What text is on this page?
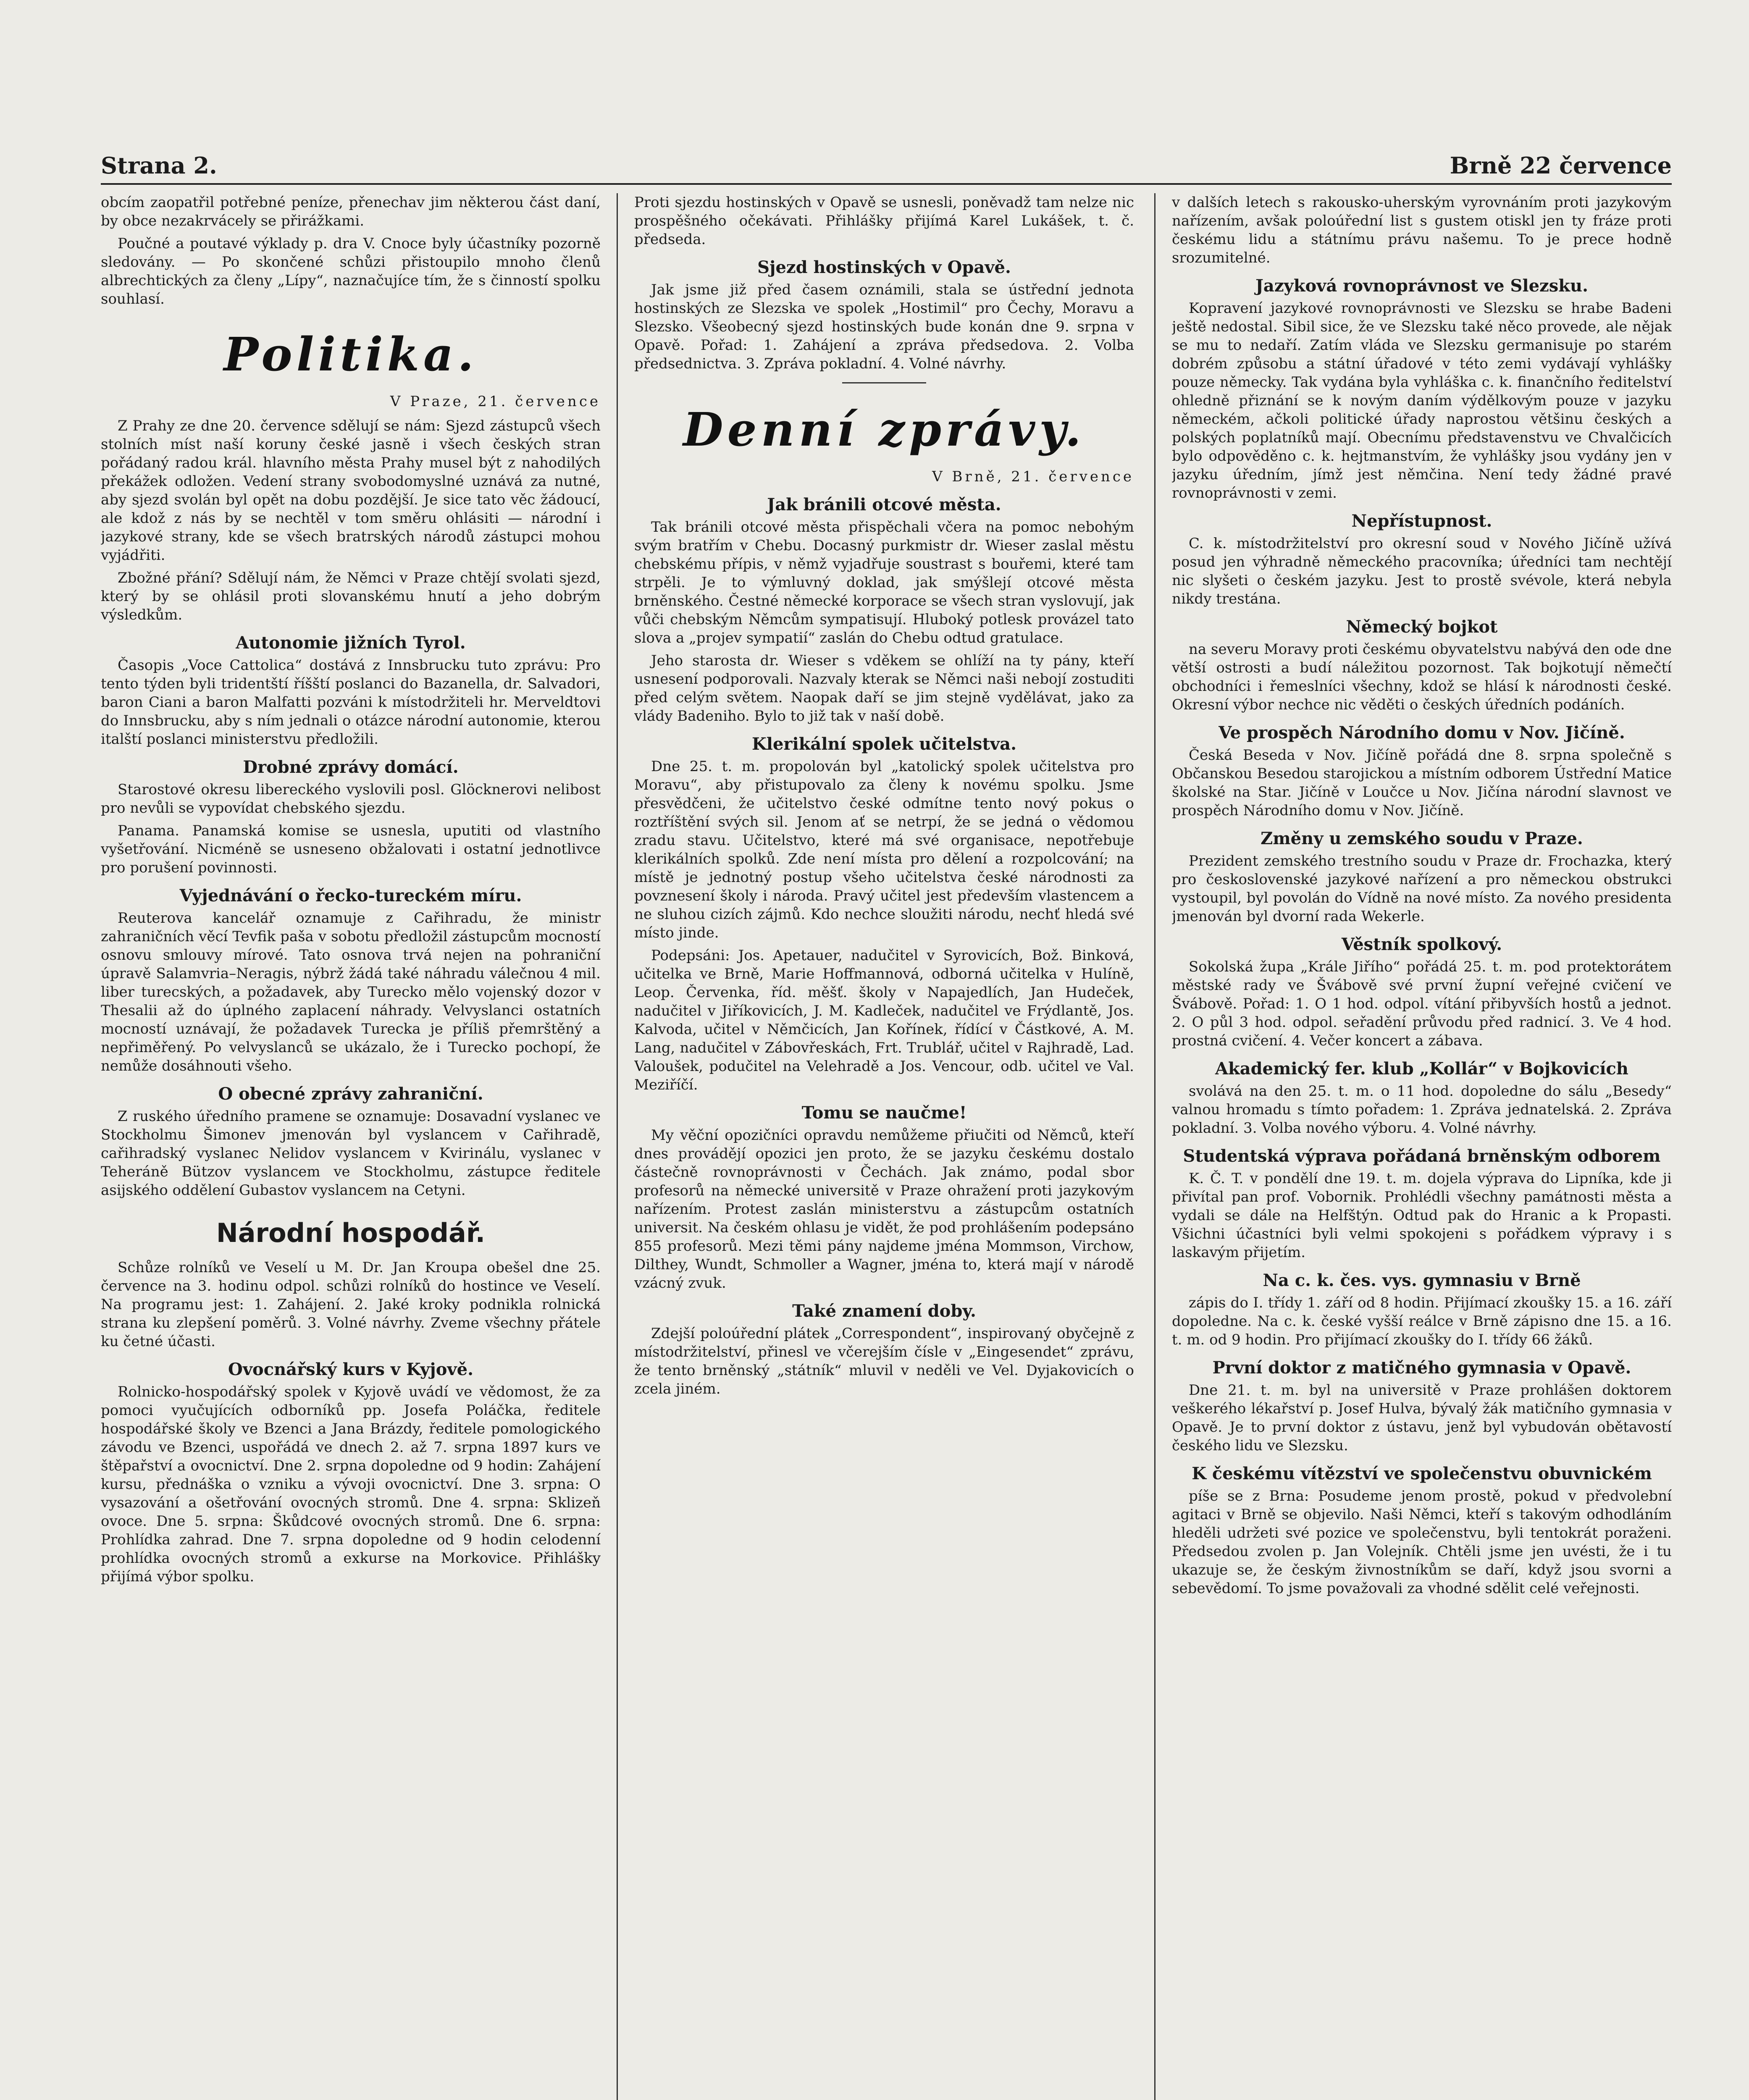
Strana 2.	Brně 22 července

obcím zaopatřil potřebné peníze, přenechav jim některou část daní, by obce nezakrvácely se přirážkami.

Poučné a poutavé výklady p. dra V. Cnoce byly účastníky pozorně sledovány. — Po skončené schůzi přistoupilo mnoho členů albrechtických za členy „Lípy“, naznačujíce tím, že s činností spolku souhlasí.

Politika.
V Praze, 21. července

Z Prahy ze dne 20. července sdělují se nám: Sjezd zástupců všech stolních míst naší koruny české jasně i všech českých stran pořádaný radou král. hlavního města Prahy musel být z nahodilých překážek odložen. Vedení strany svobodomyslné uznává za nutné, aby sjezd svolán byl opět na dobu pozdější. Je sice tato věc žádoucí, ale kdož z nás by se nechtěl v tom směru ohlásiti — národní i jazykové strany, kde se všech bratrských národů zástupci mohou vyjádřiti.

Zbožné přání? Sdělují nám, že Němci v Praze chtějí svolati sjezd, který by se ohlásil proti slovanskému hnutí a jeho dobrým výsledkům.

Autonomie jižních Tyrol.

Časopis „Voce Cattolica“ dostává z Innsbrucku tuto zprávu: Pro tento týden byli tridentští říšští poslanci do Bazanella, dr. Salvadori, baron Ciani a baron Malfatti pozváni k místodržiteli hr. Merveldtovi do Innsbrucku, aby s ním jednali o otázce národní autonomie, kterou italští poslanci ministerstvu předložili.

Drobné zprávy domácí.

Starostové okresu libereckého vyslovili posl. Glöcknerovi nelibost pro nevůli se vypovídat chebského sjezdu.

Panama. Panamská komise se usnesla, uputiti od vlastního vyšetřování. Nicméně se usneseno obžalovati i ostatní jednotlivce pro porušení povinnosti.

Vyjednávání o řecko-tureckém míru.

Reuterova kancelář oznamuje z Cařihradu, že ministr zahraničních věcí Tevfik paša v sobotu předložil zástupcům mocností osnovu smlouvy mírové. Tato osnova trvá nejen na pohraniční úpravě Salamvria–Neragis, nýbrž žádá také náhradu válečnou 4 mil. liber turecských, a požadavek, aby Turecko mělo vojenský dozor v Thesalii až do úplného zaplacení náhrady. Velvyslanci ostatních mocností uznávají, že požadavek Turecka je příliš přemrštěný a nepřiměřený. Po velvyslanců se ukázalo, že i Turecko pochopí, že nemůže dosáhnouti všeho.

O obecné zprávy zahraniční.

Z ruského úředního pramene se oznamuje: Dosavadní vyslanec ve Stockholmu Šimonev jmenován byl vyslancem v Cařihradě, cařihradský vyslanec Nelidov vyslancem v Kvirinálu, vyslanec v Teheráně Bützov vyslancem ve Stockholmu, zástupce ředitele asijského oddělení Gubastov vyslancem na Cetyni.

Národní hospodář.

Schůze rolníků ve Veselí u M. Dr. Jan Kroupa obešel dne 25. července na 3. hodinu odpol. schůzi rolníků do hostince ve Veselí. Na programu jest: 1. Zahájení. 2. Jaké kroky podnikla rolnická strana ku zlepšení poměrů. 3. Volné návrhy. Zveme všechny přátele ku četné účasti.

Ovocnářský kurs v Kyjově.

Rolnicko-hospodářský spolek v Kyjově uvádí ve vědomost, že za pomoci vyučujících odborníků pp. Josefa Poláčka, ředitele hospodářské školy ve Bzenci a Jana Brázdy, ředitele pomologického závodu ve Bzenci, uspořádá ve dnech 2. až 7. srpna 1897 kurs ve štěpařství a ovocnictví. Dne 2. srpna dopoledne od 9 hodin: Zahájení kursu, přednáška o vzniku a vývoji ovocnictví. Dne 3. srpna: O vysazování a ošetřování ovocných stromů. Dne 4. srpna: Sklizeň ovoce. Dne 5. srpna: Škůdcové ovocných stromů. Dne 6. srpna: Prohlídka zahrad. Dne 7. srpna dopoledne od 9 hodin celodenní prohlídka ovocných stromů a exkurse na Morkovice. Přihlášky přijímá výbor spolku.

Proti sjezdu hostinských v Opavě se usnesli, poněvadž tam nelze nic prospěšného očekávati. Přihlášky přijímá Karel Lukášek, t. č. předseda.

Sjezd hostinských v Opavě.

Jak jsme již před časem oznámili, stala se ústřední jednota hostinských ze Slezska ve spolek „Hostimil“ pro Čechy, Moravu a Slezsko. Všeobecný sjezd hostinských bude konán dne 9. srpna v Opavě. Pořad: 1. Zahájení a zpráva předsedova. 2. Volba předsednictva. 3. Zpráva pokladní. 4. Volné návrhy.

Denní zprávy.
V Brně, 21. července
Jak bránili otcové města.

Tak bránili otcové města přispěchali včera na pomoc nebohým svým bratřím v Chebu. Docasný purkmistr dr. Wieser zaslal městu chebskému přípis, v němž vyjadřuje soustrast s bouřemi, které tam strpěli. Je to výmluvný doklad, jak smýšlejí otcové města brněnského. Čestné německé korporace se všech stran vyslovují, jak vůči chebským Němcům sympatisují. Hluboký potlesk provázel tato slova a „projev sympatií“ zaslán do Chebu odtud gratulace.

Jeho starosta dr. Wieser s vděkem se ohlíží na ty pány, kteří usnesení podporovali. Nazvaly kterak se Němci naši nebojí zostuditi před celým světem. Naopak daří se jim stejně vydělávat, jako za vlády Badeniho. Bylo to již tak v naší době.

Klerikální spolek učitelstva.

Dne 25. t. m. propolován byl „katolický spolek učitelstva pro Moravu“, aby přistupovalo za členy k novému spolku. Jsme přesvědčeni, že učitelstvo české odmítne tento nový pokus o roztříštění svých sil. Jenom ať se netrpí, že se jedná o vědomou zradu stavu. Učitelstvo, které má své organisace, nepotřebuje klerikálních spolků. Zde není místa pro dělení a rozpolcování; na místě je jednotný postup všeho učitelstva české národnosti za povznesení školy i národa. Pravý učitel jest především vlastencem a ne sluhou cizích zájmů. Kdo nechce sloužiti národu, nechť hledá své místo jinde.

Podepsáni: Jos. Apetauer, nadučitel v Syrovicích, Bož. Binková, učitelka ve Brně, Marie Hoffmannová, odborná učitelka v Hulíně, Leop. Červenka, říd. měšť. školy v Napajedlích, Jan Hudeček, nadučitel v Jiříkovicích, J. M. Kadleček, nadučitel ve Frýdlantě, Jos. Kalvoda, učitel v Němčicích, Jan Kořínek, řídící v Částkové, A. M. Lang, nadučitel v Zábovřeskách, Frt. Trublář, učitel v Rajhradě, Lad. Valoušek, podučitel na Velehradě a Jos. Vencour, odb. učitel ve Val. Meziříčí.

Tomu se naučme!

My věční opozičníci opravdu nemůžeme přiučiti od Němců, kteří dnes provádějí opozici jen proto, že se jazyku českému dostalo částečně rovnoprávnosti v Čechách. Jak známo, podal sbor profesorů na německé universitě v Praze ohražení proti jazykovým nařízením. Protest zaslán ministerstvu a zástupcům ostatních universit. Na českém ohlasu je vidět, že pod prohlášením podepsáno 855 profesorů. Mezi těmi pány najdeme jména Mommson, Virchow, Dilthey, Wundt, Schmoller a Wagner, jména to, která mají v národě vzácný zvuk.

Také znamení doby.

Zdejší poloúřední plátek „Correspondent“, inspirovaný obyčejně z místodržitelství, přinesl ve včerejším čísle v „Eingesendet“ zprávu, že tento brněnský „státník“ mluvil v neděli ve Vel. Dyjakovicích o zcela jiném.

v dalších letech s rakousko-uherským vyrovnáním proti jazykovým nařízením, avšak poloúřední list s gustem otiskl jen ty fráze proti českému lidu a státnímu právu našemu. To je prece hodně srozumitelné.

Jazyková rovnoprávnost ve Slezsku.

Kopravení jazykové rovnoprávnosti ve Slezsku se hrabe Badeni ještě nedostal. Sibil sice, že ve Slezsku také něco provede, ale nějak se mu to nedaří. Zatím vláda ve Slezsku germanisuje po starém dobrém způsobu a státní úřadové v této zemi vydávají vyhlášky pouze německy. Tak vydána byla vyhláška c. k. finančního ředitelství ohledně přiznání se k novým daním výdělkovým pouze v jazyku německém, ačkoli politické úřady naprostou většinu českých a polských poplatníků mají. Obecnímu představenstvu ve Chvalčicích bylo odpověděno c. k. hejtmanstvím, že vyhlášky jsou vydány jen v jazyku úředním, jímž jest němčina. Není tedy žádné pravé rovnoprávnosti v zemi.

Nepřístupnost.

C. k. místodržitelství pro okresní soud v Nového Jičíně užívá posud jen výhradně německého pracovníka; úředníci tam nechtějí nic slyšeti o českém jazyku. Jest to prostě svévole, která nebyla nikdy trestána.

Německý bojkot

na severu Moravy proti českému obyvatelstvu nabývá den ode dne větší ostrosti a budí náležitou pozornost. Tak bojkotují němečtí obchodníci i řemeslníci všechny, kdož se hlásí k národnosti české. Okresní výbor nechce nic věděti o českých úředních podáních.

Ve prospěch Národního domu v Nov. Jičíně.

Česká Beseda v Nov. Jičíně pořádá dne 8. srpna společně s Občanskou Besedou starojickou a místním odborem Ústřední Matice školské na Star. Jičíně v Loučce u Nov. Jičína národní slavnost ve prospěch Národního domu v Nov. Jičíně.

Změny u zemského soudu v Praze.

Prezident zemského trestního soudu v Praze dr. Frochazka, který pro československé jazykové nařízení a pro německou obstrukci vystoupil, byl povolán do Vídně na nové místo. Za nového presidenta jmenován byl dvorní rada Wekerle.

Věstník spolkový.

Sokolská župa „Krále Jiřího“ pořádá 25. t. m. pod protektorátem městské rady ve Švábově své první župní veřejné cvičení ve Švábově. Pořad: 1. O 1 hod. odpol. vítání přibyvších hostů a jednot. 2. O půl 3 hod. odpol. seřadění průvodu před radnicí. 3. Ve 4 hod. prostná cvičení. 4. Večer koncert a zábava.

Akademický fer. klub „Kollár“ v Bojkovicích

svolává na den 25. t. m. o 11 hod. dopoledne do sálu „Besedy“ valnou hromadu s tímto pořadem: 1. Zpráva jednatelská. 2. Zpráva pokladní. 3. Volba nového výboru. 4. Volné návrhy.

Studentská výprava pořádaná brněnským odborem

K. Č. T. v pondělí dne 19. t. m. dojela výprava do Lipníka, kde ji přivítal pan prof. Vobornik. Prohlédli všechny památnosti města a vydali se dále na Helfštýn. Odtud pak do Hranic a k Propasti. Všichni účastníci byli velmi spokojeni s pořádkem výpravy i s laskavým přijetím.

Na c. k. čes. vys. gymnasiu v Brně

zápis do I. třídy 1. září od 8 hodin. Přijímací zkoušky 15. a 16. září dopoledne. Na c. k. české vyšší reálce v Brně zápisno dne 15. a 16. t. m. od 9 hodin. Pro přijímací zkoušky do I. třídy 66 žáků.

První doktor z matičného gymnasia v Opavě.

Dne 21. t. m. byl na universitě v Praze prohlášen doktorem veškerého lékařství p. Josef Hulva, bývalý žák matičního gymnasia v Opavě. Je to první doktor z ústavu, jenž byl vybudován obětavostí českého lidu ve Slezsku.

K českému vítězství ve společenstvu obuvnickém

píše se z Brna: Posudeme jenom prostě, pokud v předvolební agitaci v Brně se objevilo. Naši Němci, kteří s takovým odhodláním hleděli udržeti své pozice ve společenstvu, byli tentokrát poraženi. Předsedou zvolen p. Jan Volejník. Chtěli jsme jen uvésti, že i tu ukazuje se, že českým živnostníkům se daří, když jsou svorni a sebevědomí. To jsme považovali za vhodné sdělit celé veřejnosti.
